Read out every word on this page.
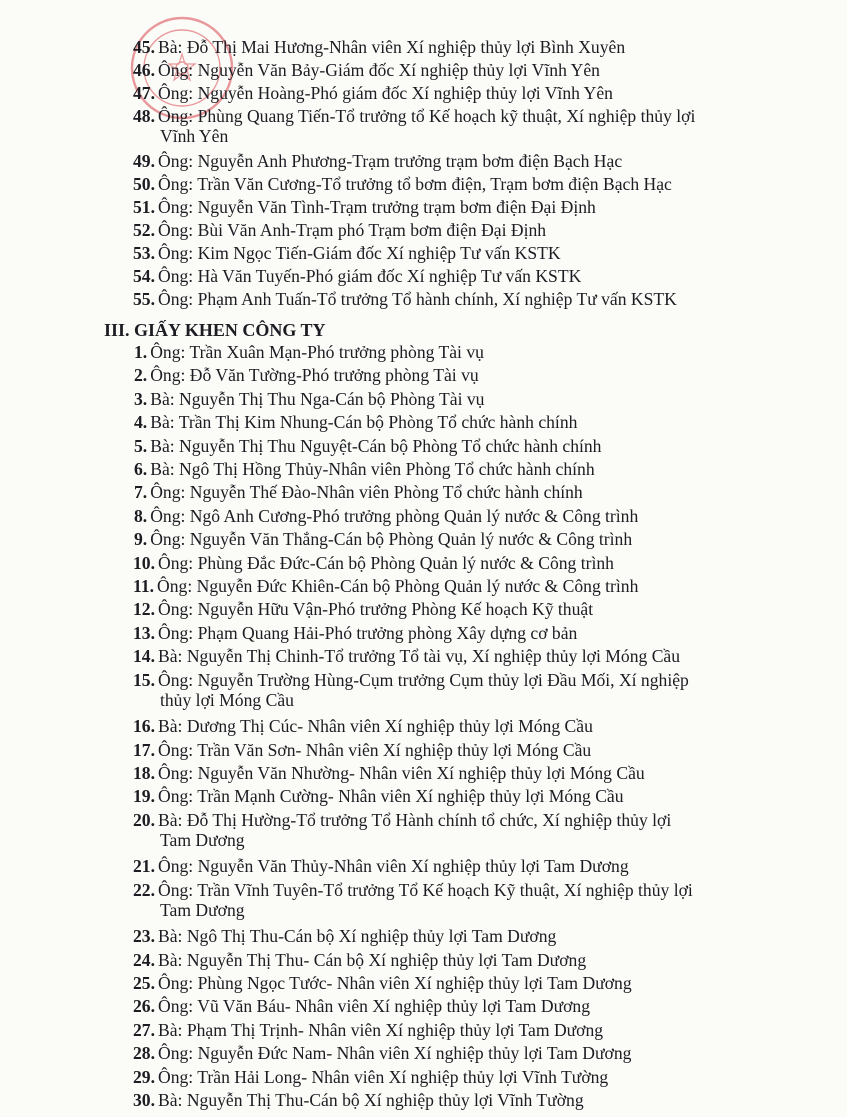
45. Bà: Đỗ Thị Mai Hương-Nhân viên Xí nghiệp thủy lợi Bình Xuyên
46. Ông: Nguyễn Văn Bảy-Giám đốc Xí nghiệp thủy lợi Vĩnh Yên
47. Ông: Nguyễn Hoàng-Phó giám đốc Xí nghiệp thủy lợi Vĩnh Yên
48. Ông: Phùng Quang Tiến-Tổ trưởng tổ Kế hoạch kỹ thuật, Xí nghiệp thủy lợi
Vĩnh Yên
49. Ông: Nguyễn Anh Phương-Trạm trưởng trạm bơm điện Bạch Hạc
50. Ông: Trần Văn Cương-Tổ trưởng tổ bơm điện, Trạm bơm điện Bạch Hạc
51. Ông: Nguyễn Văn Tình-Trạm trưởng trạm bơm điện Đại Định
52. Ông: Bùi Văn Anh-Trạm phó Trạm bơm điện Đại Định
53. Ông: Kim Ngọc Tiến-Giám đốc Xí nghiệp Tư vấn KSTK
54. Ông: Hà Văn Tuyến-Phó giám đốc Xí nghiệp Tư vấn KSTK
55. Ông: Phạm Anh Tuấn-Tổ trưởng Tổ hành chính, Xí nghiệp Tư vấn KSTK
III. GIẤY KHEN CÔNG TY
1. Ông: Trần Xuân Mạn-Phó trưởng phòng Tài vụ
2. Ông: Đỗ Văn Tường-Phó trưởng phòng Tài vụ
3. Bà: Nguyễn Thị Thu Nga-Cán bộ Phòng Tài vụ
4. Bà: Trần Thị Kim Nhung-Cán bộ Phòng Tổ chức hành chính
5. Bà: Nguyễn Thị Thu Nguyệt-Cán bộ Phòng Tổ chức hành chính
6. Bà: Ngô Thị Hồng Thủy-Nhân viên Phòng Tổ chức hành chính
7. Ông: Nguyễn Thế Đào-Nhân viên Phòng Tổ chức hành chính
8. Ông: Ngô Anh Cương-Phó trưởng phòng Quản lý nước & Công trình
9. Ông: Nguyễn Văn Thắng-Cán bộ Phòng Quản lý nước & Công trình
10. Ông: Phùng Đắc Đức-Cán bộ Phòng Quản lý nước & Công trình
11. Ông: Nguyễn Đức Khiên-Cán bộ Phòng Quản lý nước & Công trình
12. Ông: Nguyễn Hữu Vận-Phó trưởng Phòng Kế hoạch Kỹ thuật
13. Ông: Phạm Quang Hải-Phó trưởng phòng Xây dựng cơ bản
14. Bà: Nguyễn Thị Chinh-Tổ trưởng Tổ tài vụ, Xí nghiệp thủy lợi Móng Cầu
15. Ông: Nguyễn Trường Hùng-Cụm trưởng Cụm thủy lợi Đầu Mối, Xí nghiệp
thủy lợi Móng Cầu
16. Bà: Dương Thị Cúc- Nhân viên Xí nghiệp thủy lợi Móng Cầu
17. Ông: Trần Văn Sơn- Nhân viên Xí nghiệp thủy lợi Móng Cầu
18. Ông: Nguyễn Văn Nhường- Nhân viên Xí nghiệp thủy lợi Móng Cầu
19. Ông: Trần Mạnh Cường- Nhân viên Xí nghiệp thủy lợi Móng Cầu
20. Bà: Đỗ Thị Hường-Tổ trưởng Tổ Hành chính tổ chức, Xí nghiệp thủy lợi
Tam Dương
21. Ông: Nguyễn Văn Thủy-Nhân viên Xí nghiệp thủy lợi Tam Dương
22. Ông: Trần Vĩnh Tuyên-Tổ trưởng Tổ Kế hoạch Kỹ thuật, Xí nghiệp thủy lợi
Tam Dương
23. Bà: Ngô Thị Thu-Cán bộ Xí nghiệp thủy lợi Tam Dương
24. Bà: Nguyễn Thị Thu- Cán bộ Xí nghiệp thủy lợi Tam Dương
25. Ông: Phùng Ngọc Tước- Nhân viên Xí nghiệp thủy lợi Tam Dương
26. Ông: Vũ Văn Báu- Nhân viên Xí nghiệp thủy lợi Tam Dương
27. Bà: Phạm Thị Trịnh- Nhân viên Xí nghiệp thủy lợi Tam Dương
28. Ông: Nguyễn Đức Nam- Nhân viên Xí nghiệp thủy lợi Tam Dương
29. Ông: Trần Hải Long- Nhân viên Xí nghiệp thủy lợi Vĩnh Tường
30. Bà: Nguyễn Thị Thu-Cán bộ Xí nghiệp thủy lợi Vĩnh Tường
